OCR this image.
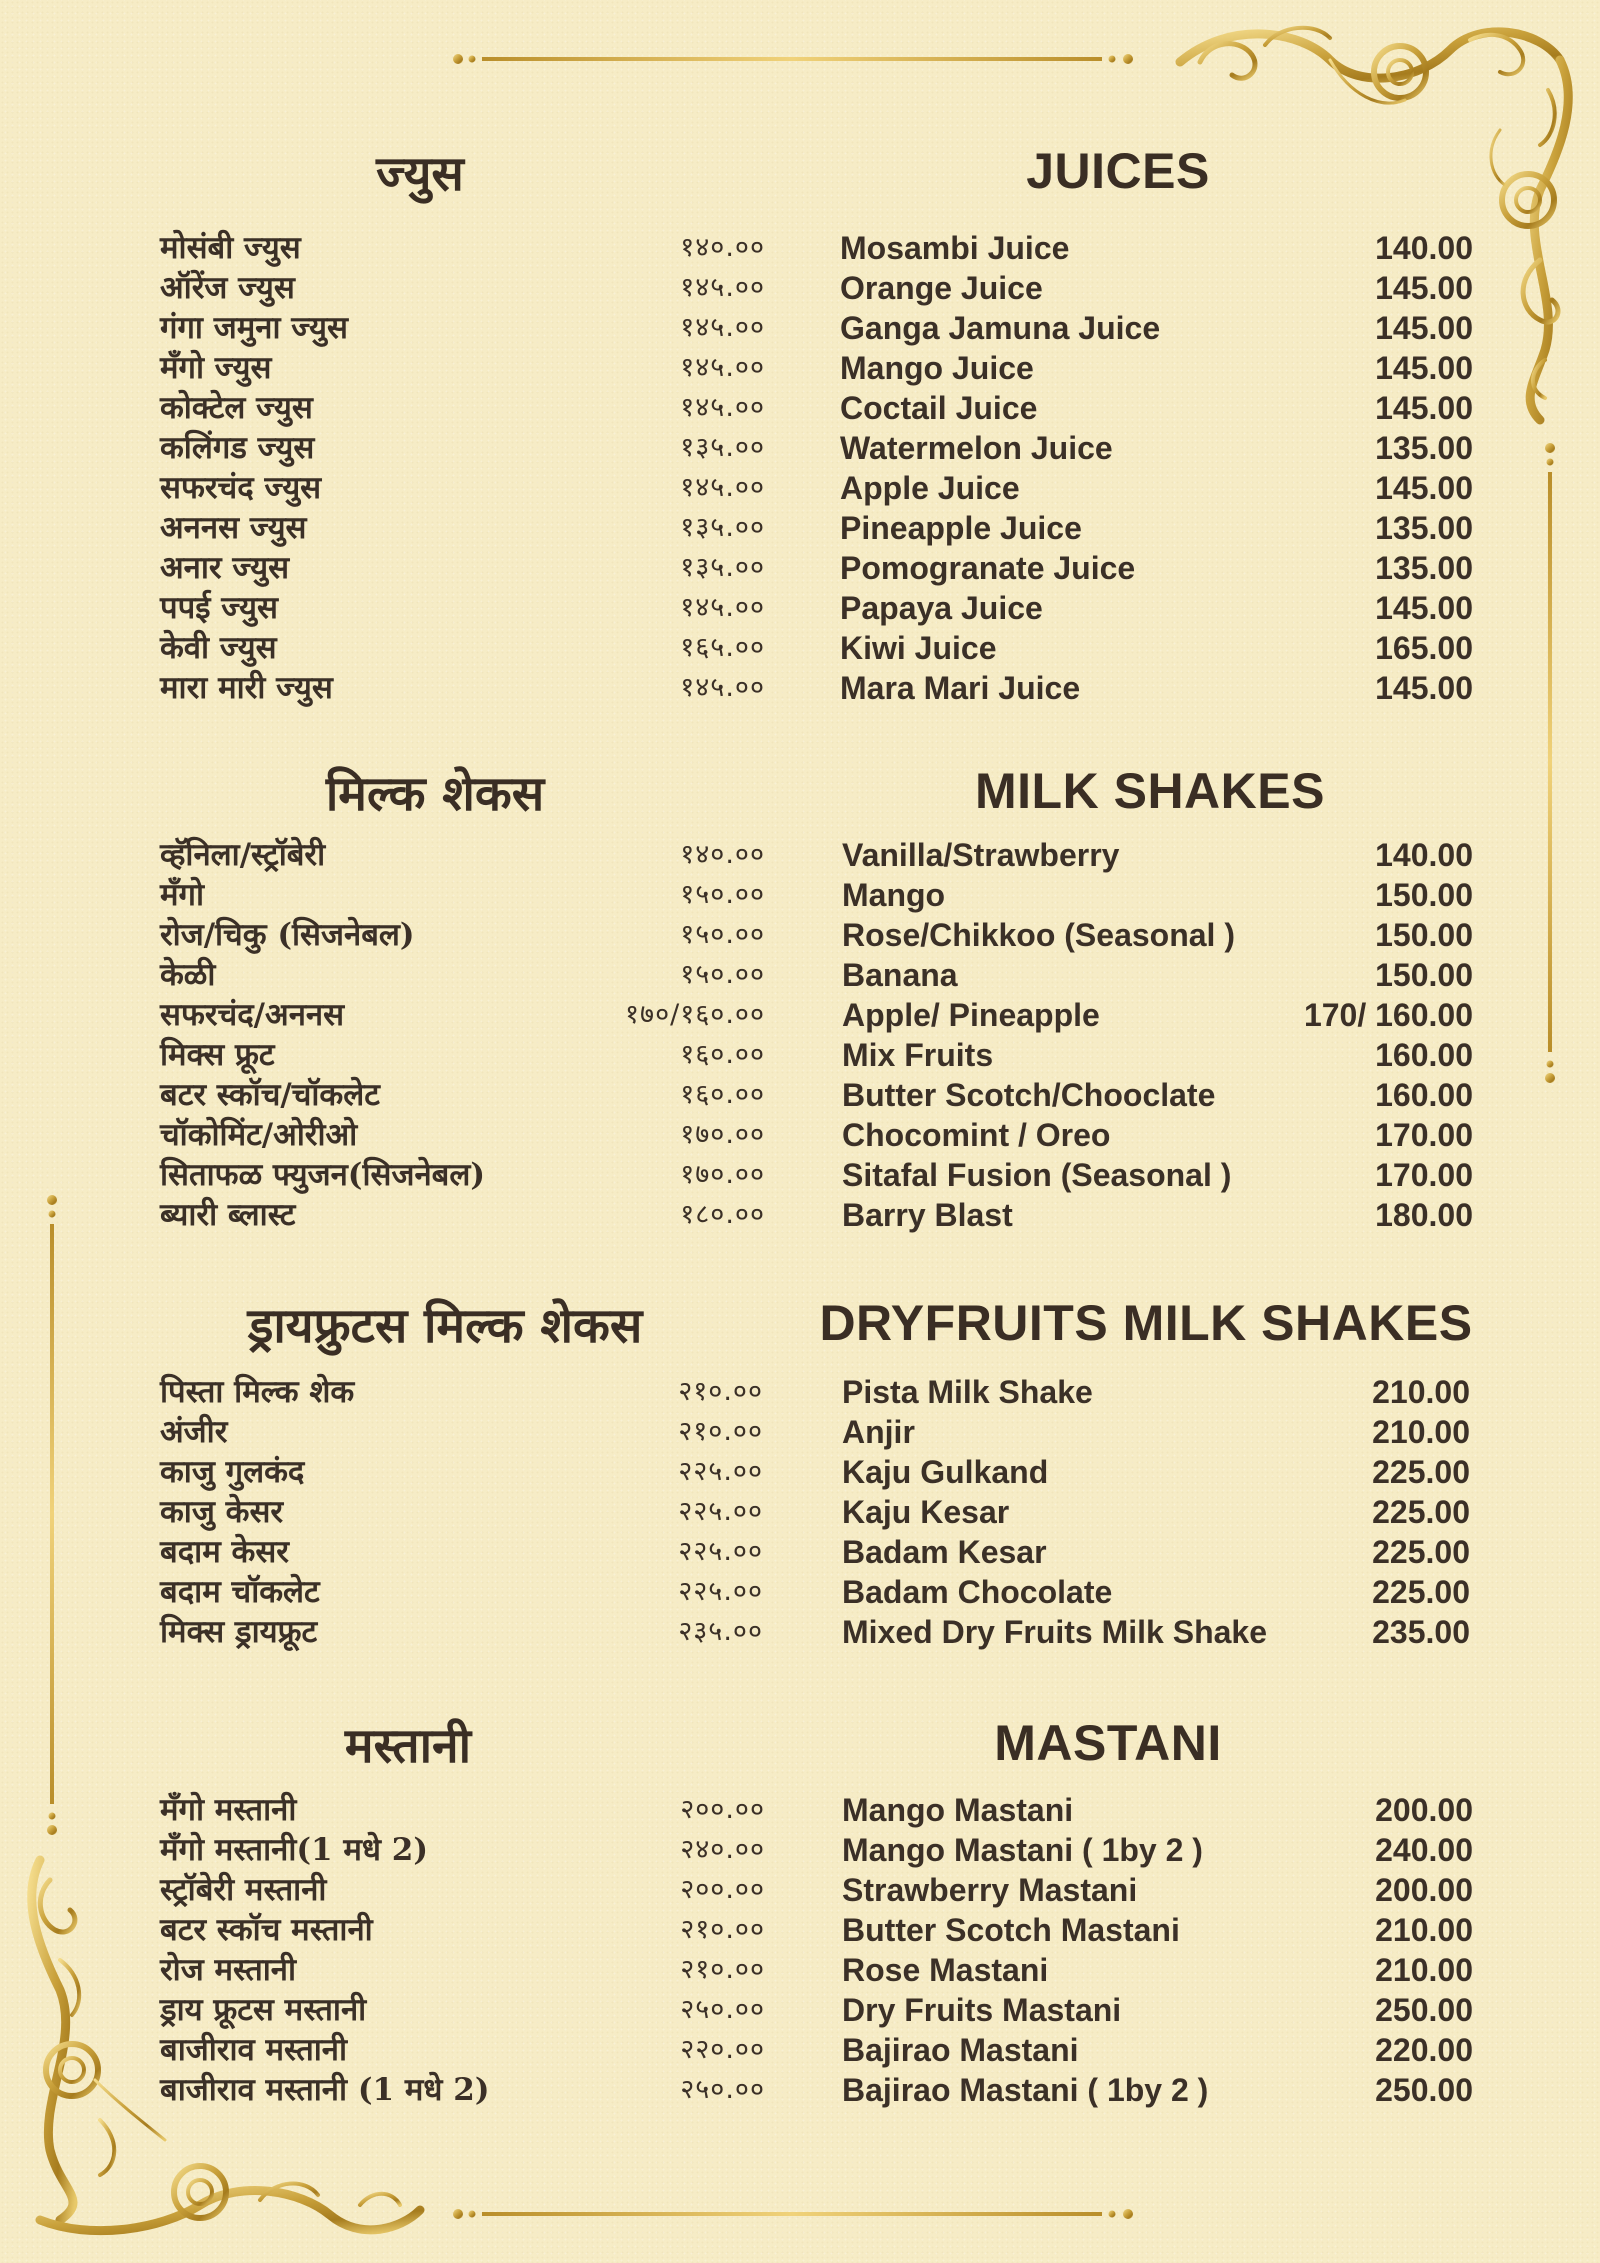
ज्युस	JUICES
मोसंबी ज्युस	१४०.००
ऑरेंज ज्युस	१४५.००
गंगा जमुना ज्युस	१४५.००
मँगो ज्युस	१४५.००
कोक्टेल ज्युस	१४५.००
कलिंगड ज्युस	१३५.००
सफरचंद ज्युस	१४५.००
अननस ज्युस	१३५.००
अनार ज्युस	१३५.००
पपई ज्युस	१४५.००
केवी ज्युस	१६५.००
मारा मारी ज्युस	१४५.००
Mosambi Juice	140.00
Orange Juice	145.00
Ganga Jamuna Juice	145.00
Mango Juice	145.00
Coctail Juice	145.00
Watermelon Juice	135.00
Apple Juice	145.00
Pineapple Juice	135.00
Pomogranate Juice	135.00
Papaya Juice	145.00
Kiwi Juice	165.00
Mara Mari Juice	145.00
मिल्क शेकस	MILK SHAKES
व्हॅनिला/स्ट्रॉबेरी	१४०.००
मँगो	१५०.००
रोज/चिकु (सिजनेबल)	१५०.००
केळी	१५०.००
सफरचंद/अननस	१७०/१६०.००
मिक्स फ्रूट	१६०.००
बटर स्कॉच/चॉकलेट	१६०.००
चॉकोमिंट/ओरीओ	१७०.००
सिताफळ फ्युजन(सिजनेबल)	१७०.००
ब्यारी ब्लास्ट	१८०.००
Vanilla/Strawberry	140.00
Mango	150.00
Rose/Chikkoo (Seasonal )	150.00
Banana	150.00
Apple/ Pineapple	170/ 160.00
Mix Fruits	160.00
Butter Scotch/Chooclate	160.00
Chocomint / Oreo	170.00
Sitafal Fusion (Seasonal )	170.00
Barry Blast	180.00
ड्रायफ्रुटस मिल्क शेकस	DRYFRUITS MILK SHAKES
पिस्ता मिल्क शेक	२१०.००
अंजीर	२१०.००
काजु गुलकंद	२२५.००
काजु केसर	२२५.००
बदाम केसर	२२५.००
बदाम चॉकलेट	२२५.००
मिक्स ड्रायफ्रूट	२३५.००
Pista Milk Shake	210.00
Anjir	210.00
Kaju Gulkand	225.00
Kaju Kesar	225.00
Badam Kesar	225.00
Badam Chocolate	225.00
Mixed Dry Fruits Milk Shake	235.00
मस्तानी	MASTANI
मँगो मस्तानी	२००.००
मँगो मस्तानी(1 मधे 2)	२४०.००
स्ट्रॉबेरी मस्तानी	२००.००
बटर स्कॉच मस्तानी	२१०.००
रोज मस्तानी	२१०.००
ड्राय फ्रूटस मस्तानी	२५०.००
बाजीराव मस्तानी	२२०.००
बाजीराव मस्तानी (1 मधे 2)	२५०.००
Mango Mastani	200.00
Mango Mastani ( 1by 2 )	240.00
Strawberry Mastani	200.00
Butter Scotch Mastani	210.00
Rose Mastani	210.00
Dry Fruits Mastani	250.00
Bajirao Mastani	220.00
Bajirao Mastani ( 1by 2 )	250.00
